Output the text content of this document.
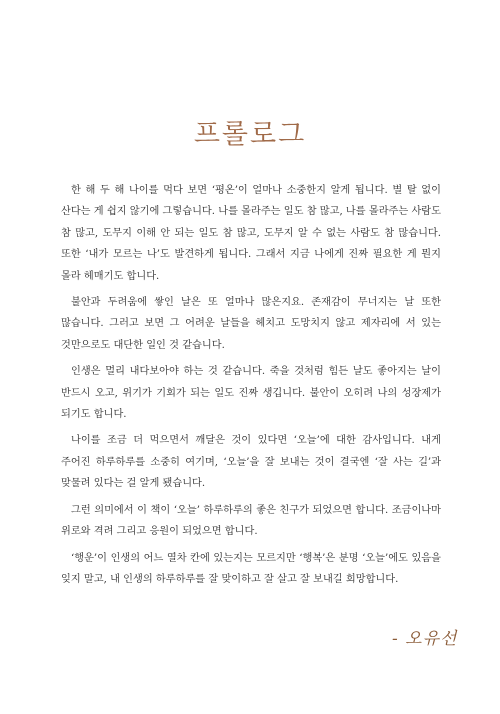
프롤로그

한 해 두 해 나이를 먹다 보면 ‘평온’이 얼마나 소중한지 알게 됩니다. 별 탈 없이 산다는 게 쉽지 않기에 그렇습니다. 나를 몰라주는 일도 참 많고, 나를 몰라주는 사람도 참 많고, 도무지 이해 안 되는 일도 참 많고, 도무지 알 수 없는 사람도 참 많습니다. 또한 ‘내가 모르는 나’도 발견하게 됩니다. 그래서 지금 나에게 진짜 필요한 게 뭔지 몰라 헤매기도 합니다.

불안과 두려움에 쌓인 날은 또 얼마나 많은지요. 존재감이 무너지는 날 또한 많습니다. 그러고 보면 그 어려운 날들을 헤치고 도망치지 않고 제자리에 서 있는 것만으로도 대단한 일인 것 같습니다.

인생은 멀리 내다보아야 하는 것 같습니다. 죽을 것처럼 힘든 날도 좋아지는 날이 반드시 오고, 위기가 기회가 되는 일도 진짜 생깁니다. 불안이 오히려 나의 성장제가 되기도 합니다.

나이를 조금 더 먹으면서 깨달은 것이 있다면 ‘오늘’에 대한 감사입니다. 내게 주어진 하루하루를 소중히 여기며, ‘오늘’을 잘 보내는 것이 결국엔 ‘잘 사는 길’과 맞물려 있다는 걸 알게 됐습니다.

그런 의미에서 이 책이 ‘오늘’ 하루하루의 좋은 친구가 되었으면 합니다. 조금이나마 위로와 격려 그리고 응원이 되었으면 합니다.

‘행운’이 인생의 어느 열차 칸에 있는지는 모르지만 ‘행복’은 분명 ‘오늘’에도 있음을 잊지 말고, 내 인생의 하루하루를 잘 맞이하고 잘 살고 잘 보내길 희망합니다.

- 오유선
